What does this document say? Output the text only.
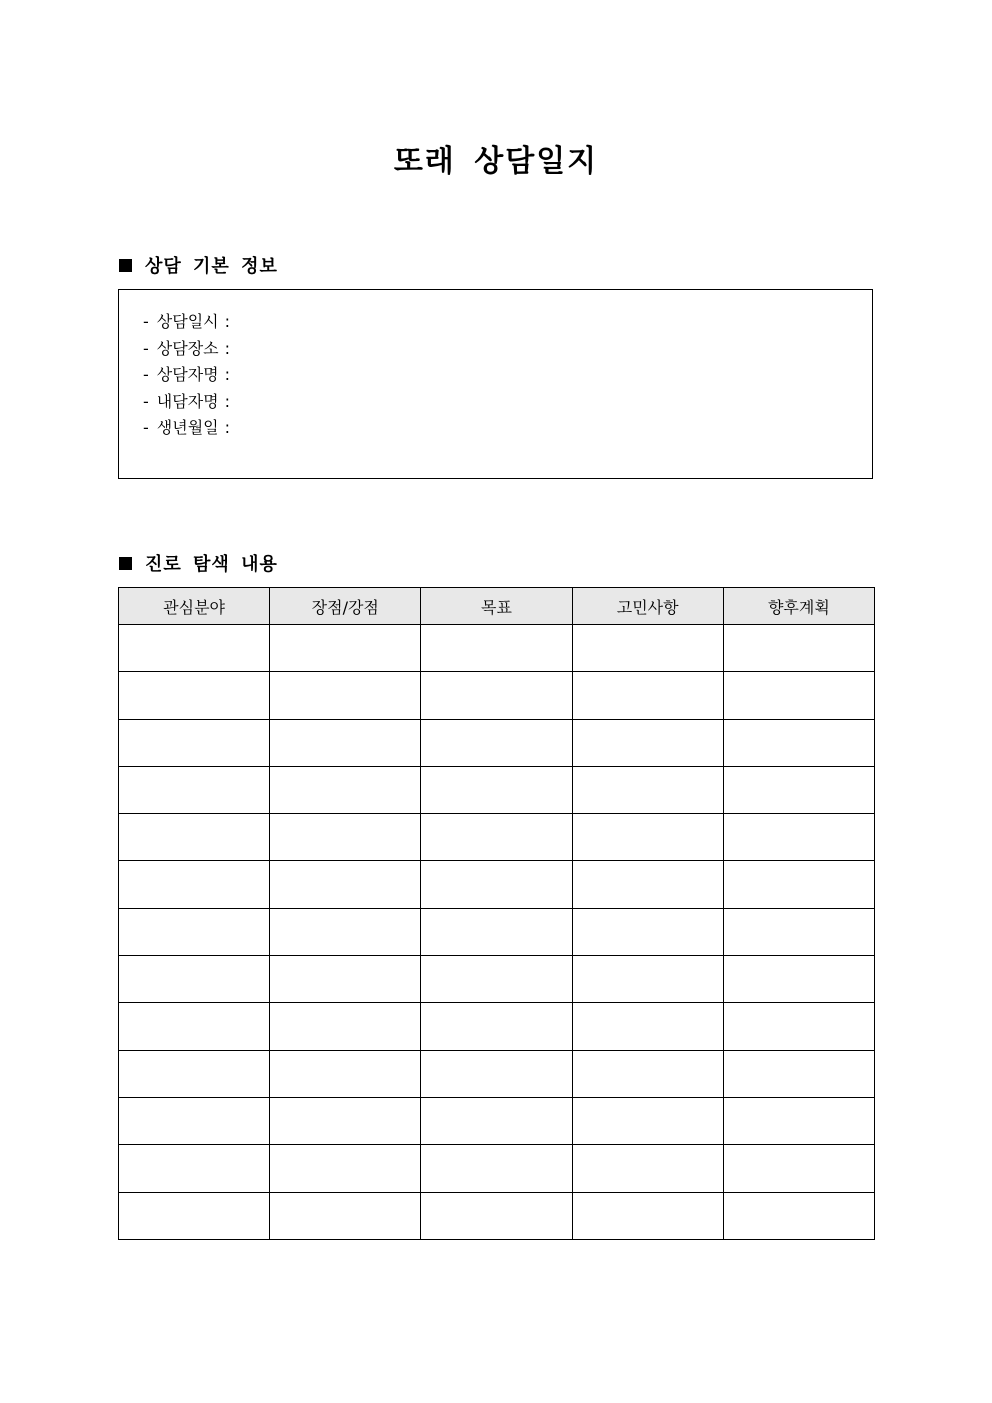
또래 상담일지
상담 기본 정보
- 상담일시 :
- 상담장소 :
- 상담자명 :
- 내담자명 :
- 생년월일 :
진로 탐색 내용
관심분야	장점/강점	목표	고민사항	향후계획
